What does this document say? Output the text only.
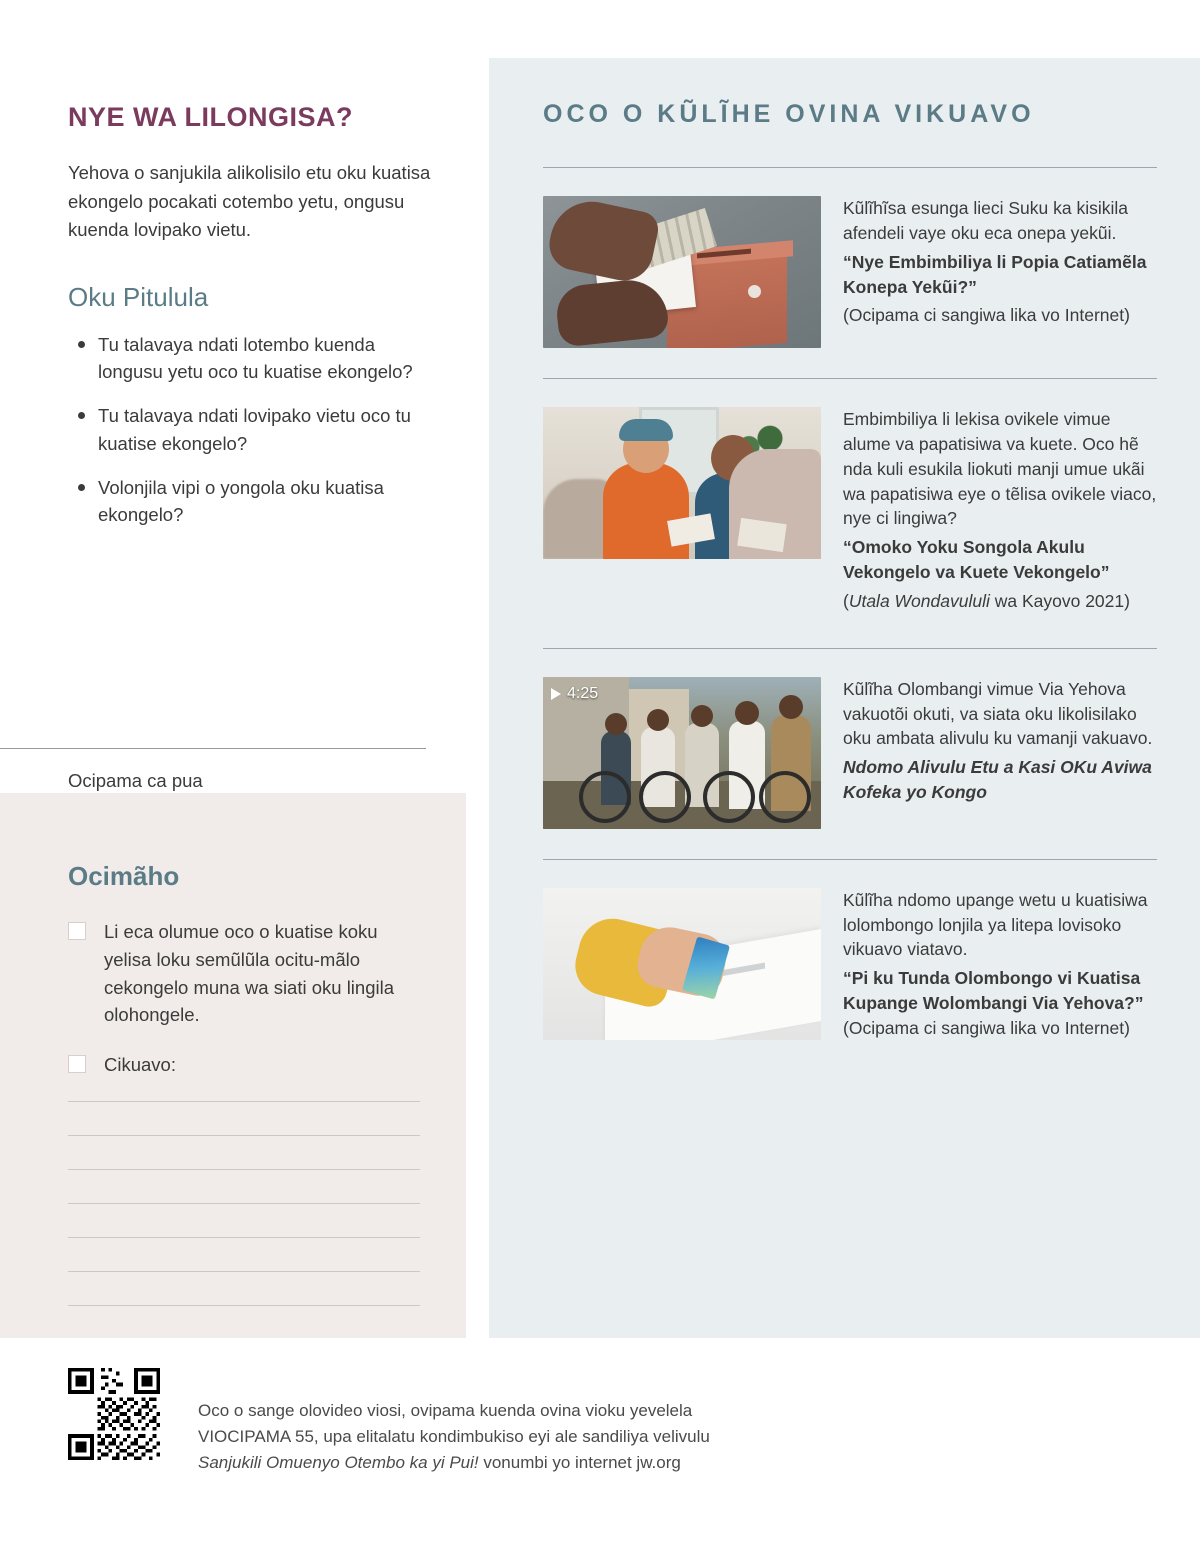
NYE WA LILONGISA?

Yehova o sanjukila alikolisilo etu oku kuatisa ekongelo pocakati cotembo yetu, ongusu kuenda lovipako vietu.

Oku Pitulula
Tu talavaya ndati lotembo kuenda longusu yetu oco tu kuatise ekongelo?
Tu talavaya ndati lovipako vietu oco tu kuatise ekongelo?
Volonjila vipi o yongola oku kuatisa ekongelo?
Ocipama ca pua
Ocimãho
Li eca olumue oco o kuatise koku yelisa loku semũlũla ocitu-mãlo cekongelo muna wa siati oku lingila olohongele.
Cikuavo:
OCO O KŨLĨHE OVINA VIKUAVO

Kũlĩhĩsa esunga lieci Suku ka kisikila afendeli vaye oku eca onepa yekũi.

“Nye Embimbiliya li Popia Catiamẽla Konepa Yekũi?”

(Ocipama ci sangiwa lika vo Internet)

Embimbiliya li lekisa ovikele vimue alume va papatisiwa va kuete. Oco hẽ nda kuli esukila liokuti manji umue ukãi wa papatisiwa eye o tẽlisa ovikele viaco, nye ci lingiwa?

“Omoko Yoku Songola Akulu Vekongelo va Kuete Vekongelo”

(Utala Wondavululi wa Kayovo 2021)

4:25	Kũlĩha Olombangi vimue Via Yehova vakuotõi okuti, va siata oku likolisilako oku ambata alivulu ku vamanji vakuavo.

Ndomo Alivulu Etu a Kasi OKu Aviwa Kofeka yo Kongo

Kũlĩha ndomo upange wetu u kuatisiwa lolombongo lonjila ya litepa lovisoko vikuavo viatavo.

“Pi ku Tunda Olombongo vi Kuatisa Kupange Wolombangi Via Yehova?” (Ocipama ci sangiwa lika vo Internet)

Oco o sange olovideo viosi, ovipama kuenda ovina vioku yevelela
VIOCIPAMA 55, upa elitalatu kondimbukiso eyi ale sandiliya velivulu
Sanjukili Omuenyo Otembo ka yi Pui! vonumbi yo internet jw.org
